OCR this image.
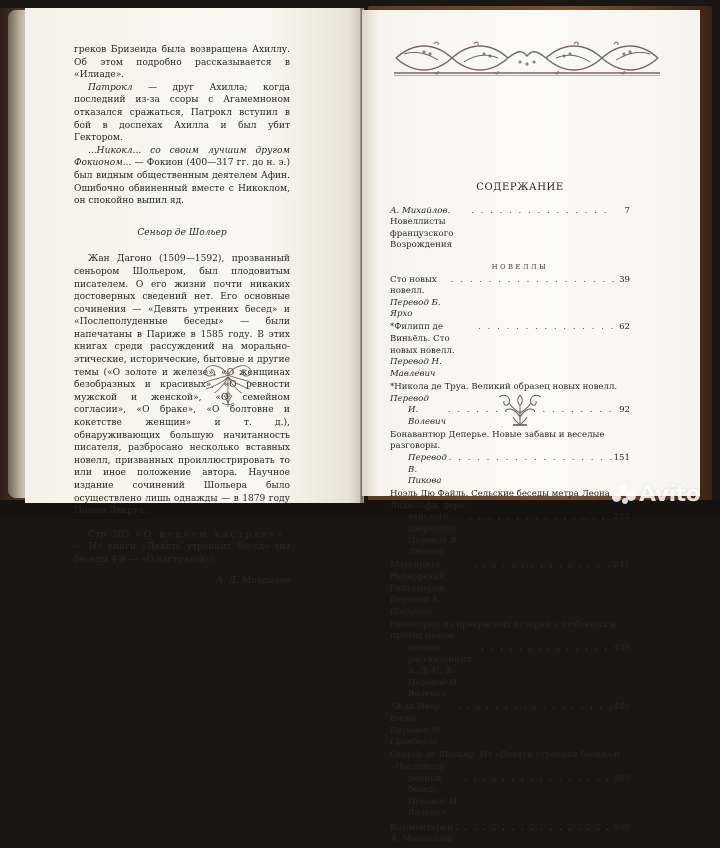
греков Бризеида была возвращена Ахиллу. Об этом подробно рассказывается в «Илиаде».

Патрокл — друг Ахилла; когда последний из-за ссоры с Агамемноном отказался сражаться, Патрокл вступил в бой в доспехах Ахилла и был убит Гектором.

...Никокл... со своим лучшим другом Фокионом... — Фокион (400—317 гг. до н. э.) был видным общественным деятелем Афин. Ошибочно обвиненный вместе с Никоклом, он спокойно выпил яд.

Сеньор де Шольер

Жан Дагоно (1509—1592), прозванный сеньором Шольером, был плодовитым писателем. О его жизни почти никаких достоверных сведений нет. Его основные сочинения — «Девять утренних бесед» и «Послеполуденные беседы» — были напечатаны в Париже в 1585 году. В этих книгах среди рассуждений на морально-этические, исторические, бытовые и другие темы («О золоте и железе», «О женщинах безобразных и красивых», «О ревности мужской и женской», «О семейном согласии», «О браке», «О болтовне и кокетстве женщин» и т. д.), обнаруживающих большую начитанность писателя, разбросано несколько вставных новелл, призванных проиллюстрировать то или иное положение автора. Научное издание сочинений Шольера было осуществлено лишь однажды — в 1879 году Полем Лакруа.

Стр. 505. «О некоем кастрате». — Из книги «Девять утренних бесед» (из беседы 4-й — «О кастратах»).

А. Д. Михайлов
СОДЕРЖАНИЕ
А. Михайлов. Новеллисты французского Возрождения
. . .
7
НОВЕЛЛЫ
Сто новых новелл. Перевод Б. Ярхо
. . .
39
*Филипп де Виньёль. Сто новых новелл. Перевод Н. Мавлевич
. . .
62
*Никола де Труа. Великий образец новых новелл. Перевод
И. Волевич
. . .
92
Бонавантюр Деперье. Новые забавы и веселые разговоры.
Перевод В. Пикова
. . .
151
Ноэль Дю Файль. Сельские беседы метра Леона Ладюльфи, дере-
венского дворянина. Перевод Я. Лесюка
. . .
222
Маргарита Наваррская. Гептамерон. Перевод А. Шадрина
. . .
241
Некоторые из прекрасных историй о любовных и прочих похож-
дениях, рассказанных А. Д. С. Д. Перевод И. Волевич
. . .
435
*Жак Ивер. Весна. Перевод М. Гринберга
. . .
440
Сеньор де Шольер. Из «Девяти утренних бесед» и «Послеполу-
денных бесед». Перевод И. Волевич
. . .
505
Комментарии А. Михайлова
. . .
509
Avito
